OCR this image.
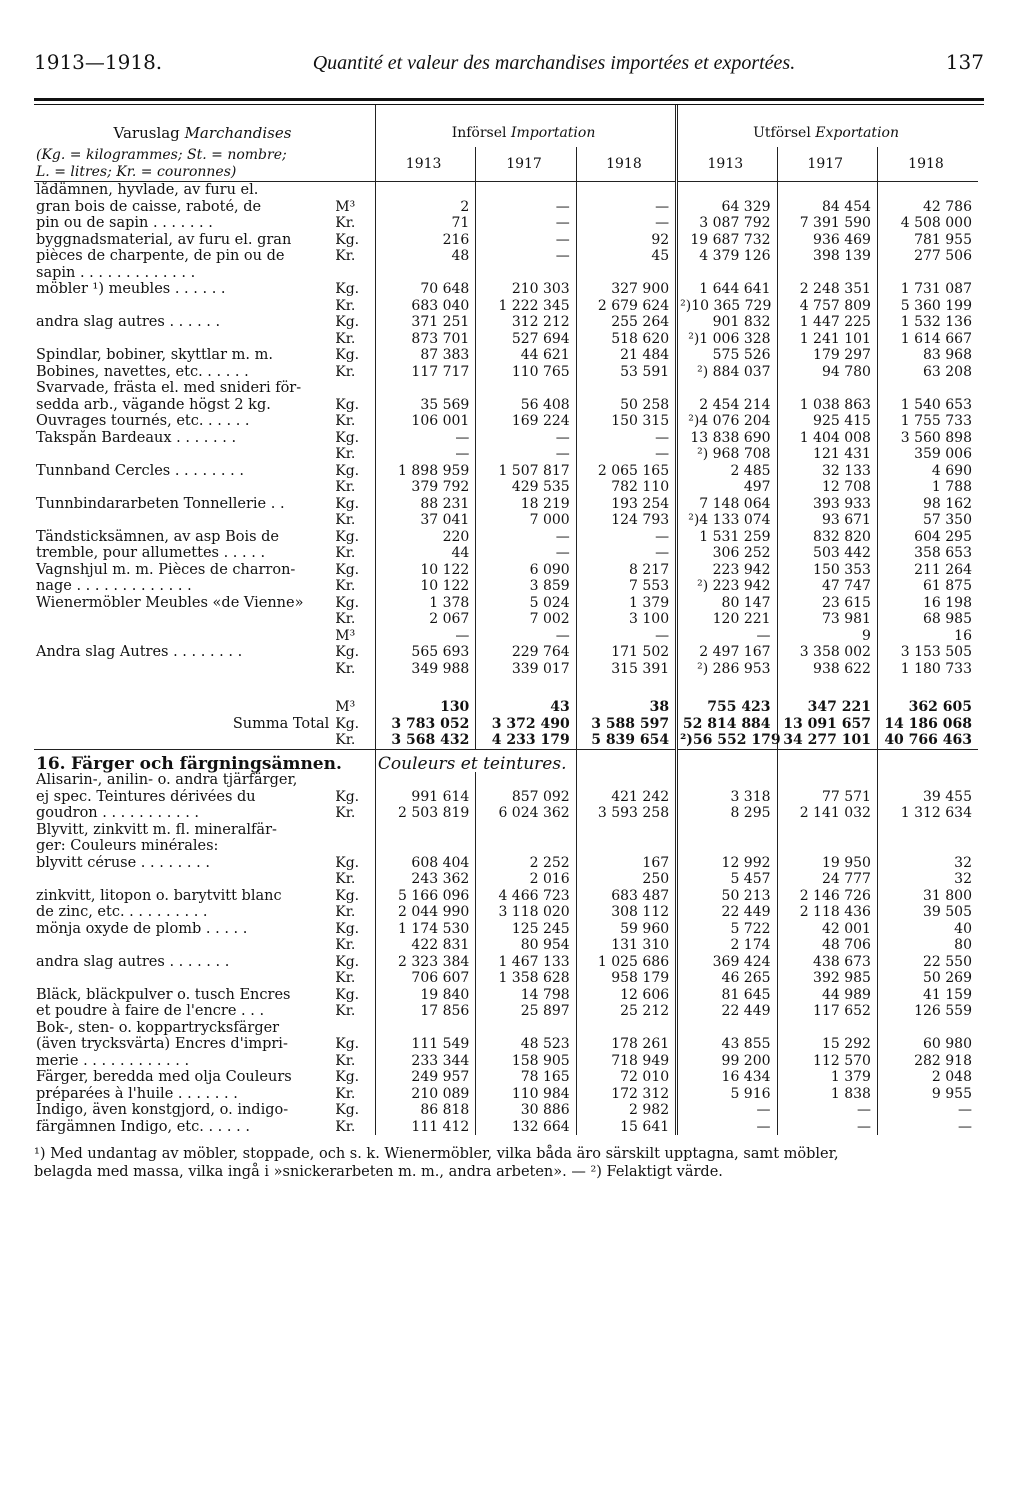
1913—1918.	Quantité et valeur des marchandises importées et exportées.	137
Varuslag Marchandises		Införsel Importation			Utförsel Exportation		

(Kg. = kilogrammes; St. = nombre;
L. = litres; Kr. = couronnes)		1913	1917	1918	1913	1917	1918
lådämnen, hyvlade, av furu el.							
gran bois de caisse, raboté, de	M³	2	—	—	64 329	84 454	42 786
pin ou de sapin . . . . . . .	Kr.	71	—	—	3 087 792	7 391 590	4 508 000
byggnadsmaterial, av furu el. gran	Kg.	216	—	92	19 687 732	936 469	781 955
pièces de charpente, de pin ou de	Kr.	48	—	45	4 379 126	398 139	277 506
sapin . . . . . . . . . . . . .							
möbler ¹) meubles . . . . . .	Kg.	70 648	210 303	327 900	1 644 641	2 248 351	1 731 087
	Kr.	683 040	1 222 345	2 679 624	²)10 365 729	4 757 809	5 360 199
andra slag autres . . . . . .	Kg.	371 251	312 212	255 264	901 832	1 447 225	1 532 136
	Kr.	873 701	527 694	518 620	²)1 006 328	1 241 101	1 614 667
Spindlar, bobiner, skyttlar m. m.	Kg.	87 383	44 621	21 484	575 526	179 297	83 968
Bobines, navettes, etc. . . . . .	Kr.	117 717	110 765	53 591	²) 884 037	94 780	63 208
Svarvade, frästa el. med snideri för-							
sedda arb., vägande högst 2 kg.	Kg.	35 569	56 408	50 258	2 454 214	1 038 863	1 540 653
Ouvrages tournés, etc. . . . . .	Kr.	106 001	169 224	150 315	²)4 076 204	925 415	1 755 733
Takspån Bardeaux . . . . . . .	Kg.	—	—	—	13 838 690	1 404 008	3 560 898
	Kr.	—	—	—	²) 968 708	121 431	359 006
Tunnband Cercles . . . . . . . .	Kg.	1 898 959	1 507 817	2 065 165	2 485	32 133	4 690
	Kr.	379 792	429 535	782 110	497	12 708	1 788
Tunnbindararbeten Tonnellerie . .	Kg.	88 231	18 219	193 254	7 148 064	393 933	98 162
	Kr.	37 041	7 000	124 793	²)4 133 074	93 671	57 350
Tändsticksämnen, av asp Bois de	Kg.	220	—	—	1 531 259	832 820	604 295
tremble, pour allumettes . . . . .	Kr.	44	—	—	306 252	503 442	358 653
Vagnshjul m. m. Pièces de charron-	Kg.	10 122	6 090	8 217	223 942	150 353	211 264
nage . . . . . . . . . . . . .	Kr.	10 122	3 859	7 553	²) 223 942	47 747	61 875
Wienermöbler Meubles «de Vienne»	Kg.	1 378	5 024	1 379	80 147	23 615	16 198
	Kr.	2 067	7 002	3 100	120 221	73 981	68 985
	M³	—	—	—	—	9	16
Andra slag Autres . . . . . . . .	Kg.	565 693	229 764	171 502	2 497 167	3 358 002	3 153 505
	Kr.	349 988	339 017	315 391	²) 286 953	938 622	1 180 733

	M³	130	43	38	755 423	347 221	362 605
Summa Total	Kg.	3 783 052	3 372 490	3 588 597	52 814 884	13 091 657	14 186 068
	Kr.	3 568 432	4 233 179	5 839 654	²)56 552 179	34 277 101	40 766 463
16. Färger och färgningsämnen.		Couleurs et teintures.					
Alisarin-, anilin- o. andra tjärfärger,							
ej spec. Teintures dérivées du	Kg.	991 614	857 092	421 242	3 318	77 571	39 455
goudron . . . . . . . . . . .	Kr.	2 503 819	6 024 362	3 593 258	8 295	2 141 032	1 312 634
Blyvitt, zinkvitt m. fl. mineralfär-							
ger: Couleurs minérales:							
blyvitt céruse . . . . . . . .	Kg.	608 404	2 252	167	12 992	19 950	32
	Kr.	243 362	2 016	250	5 457	24 777	32
zinkvitt, litopon o. barytvitt blanc	Kg.	5 166 096	4 466 723	683 487	50 213	2 146 726	31 800
de zinc, etc. . . . . . . . . .	Kr.	2 044 990	3 118 020	308 112	22 449	2 118 436	39 505
mönja oxyde de plomb . . . . .	Kg.	1 174 530	125 245	59 960	5 722	42 001	40
	Kr.	422 831	80 954	131 310	2 174	48 706	80
andra slag autres . . . . . . .	Kg.	2 323 384	1 467 133	1 025 686	369 424	438 673	22 550
	Kr.	706 607	1 358 628	958 179	46 265	392 985	50 269
Bläck, bläckpulver o. tusch Encres	Kg.	19 840	14 798	12 606	81 645	44 989	41 159
et poudre à faire de l'encre . . .	Kr.	17 856	25 897	25 212	22 449	117 652	126 559
Bok-, sten- o. koppartrycksfärger							
(även trycksvärta) Encres d'impri-	Kg.	111 549	48 523	178 261	43 855	15 292	60 980
merie . . . . . . . . . . . .	Kr.	233 344	158 905	718 949	99 200	112 570	282 918
Färger, beredda med olja Couleurs	Kg.	249 957	78 165	72 010	16 434	1 379	2 048
préparées à l'huile . . . . . . .	Kr.	210 089	110 984	172 312	5 916	1 838	9 955
Indigo, även konstgjord, o. indigo-	Kg.	86 818	30 886	2 982	—	—	—
färgämnen Indigo, etc. . . . . .	Kr.	111 412	132 664	15 641	—	—	—
¹) Med undantag av möbler, stoppade, och s. k. Wienermöbler, vilka båda äro särskilt upptagna, samt möbler,
belagda med massa, vilka ingå i »snickerarbeten m. m., andra arbeten». — ²) Felaktigt värde.
